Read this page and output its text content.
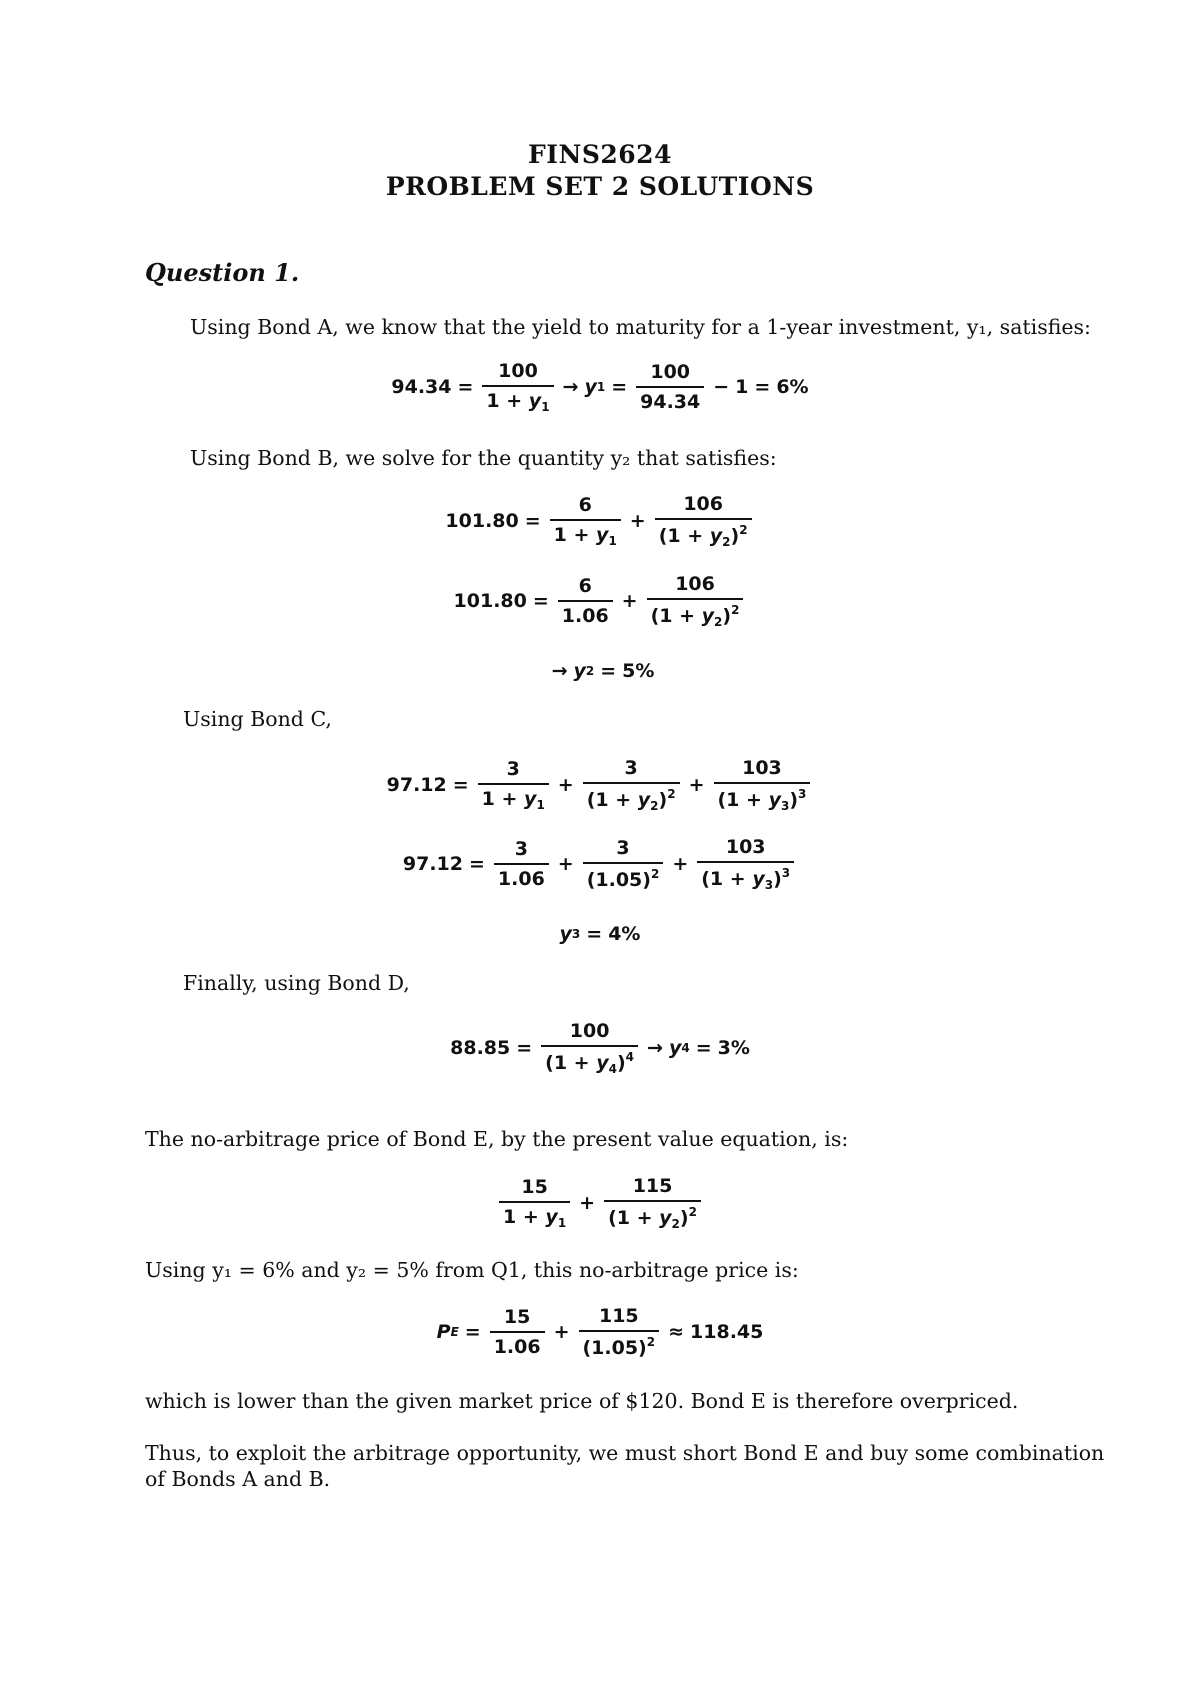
FINS2624
PROBLEM SET 2 SOLUTIONS
Question 1.
Using Bond A, we know that the yield to maturity for a 1-year investment, y₁, satisfies:
$94.34 = \frac{100}{1 + y_1} \to y$ $1 = \frac{100}{94.34} - 1 = 6\%$
Using Bond B, we solve for the quantity y₂ that satisfies:
$101.80 = \frac{6}{1 + y_1} + \frac{106}{(1 + y_2)^2}$
$101.80 = \frac{6}{1.06} + \frac{106}{(1 + y_2)^2}$
→ y 2 = 5%
Using Bond C,
$97.12 = \frac{3}{1 + y_1} + \frac{3}{(1 + y_2)^2} + \frac{103}{(1 + y_3)^3}$
$97.12 = \frac{3}{1.06} + \frac{3}{(1.05)^2} + \frac{103}{(1 + y_3)^3}$
y 3 = 4%
Finally, using Bond D,
$88.85 = \frac{100}{(1 + y_4)^4} \to y$ 4 = 3%
The no-arbitrage price of Bond E, by the present value equation, is:
$\frac{15}{1 + y_1} + \frac{115}{(1 + y_2)^2}$
Using y₁ = 6% and y₂ = 5% from Q1, this no-arbitrage price is:
P $E = \frac{15}{1.06} + \frac{115}{(1.05)^2} \approx 118.45$
which is lower than the given market price of $120. Bond E is therefore overpriced.
Thus, to exploit the arbitrage opportunity, we must short Bond E and buy some combination
of Bonds A and B.
